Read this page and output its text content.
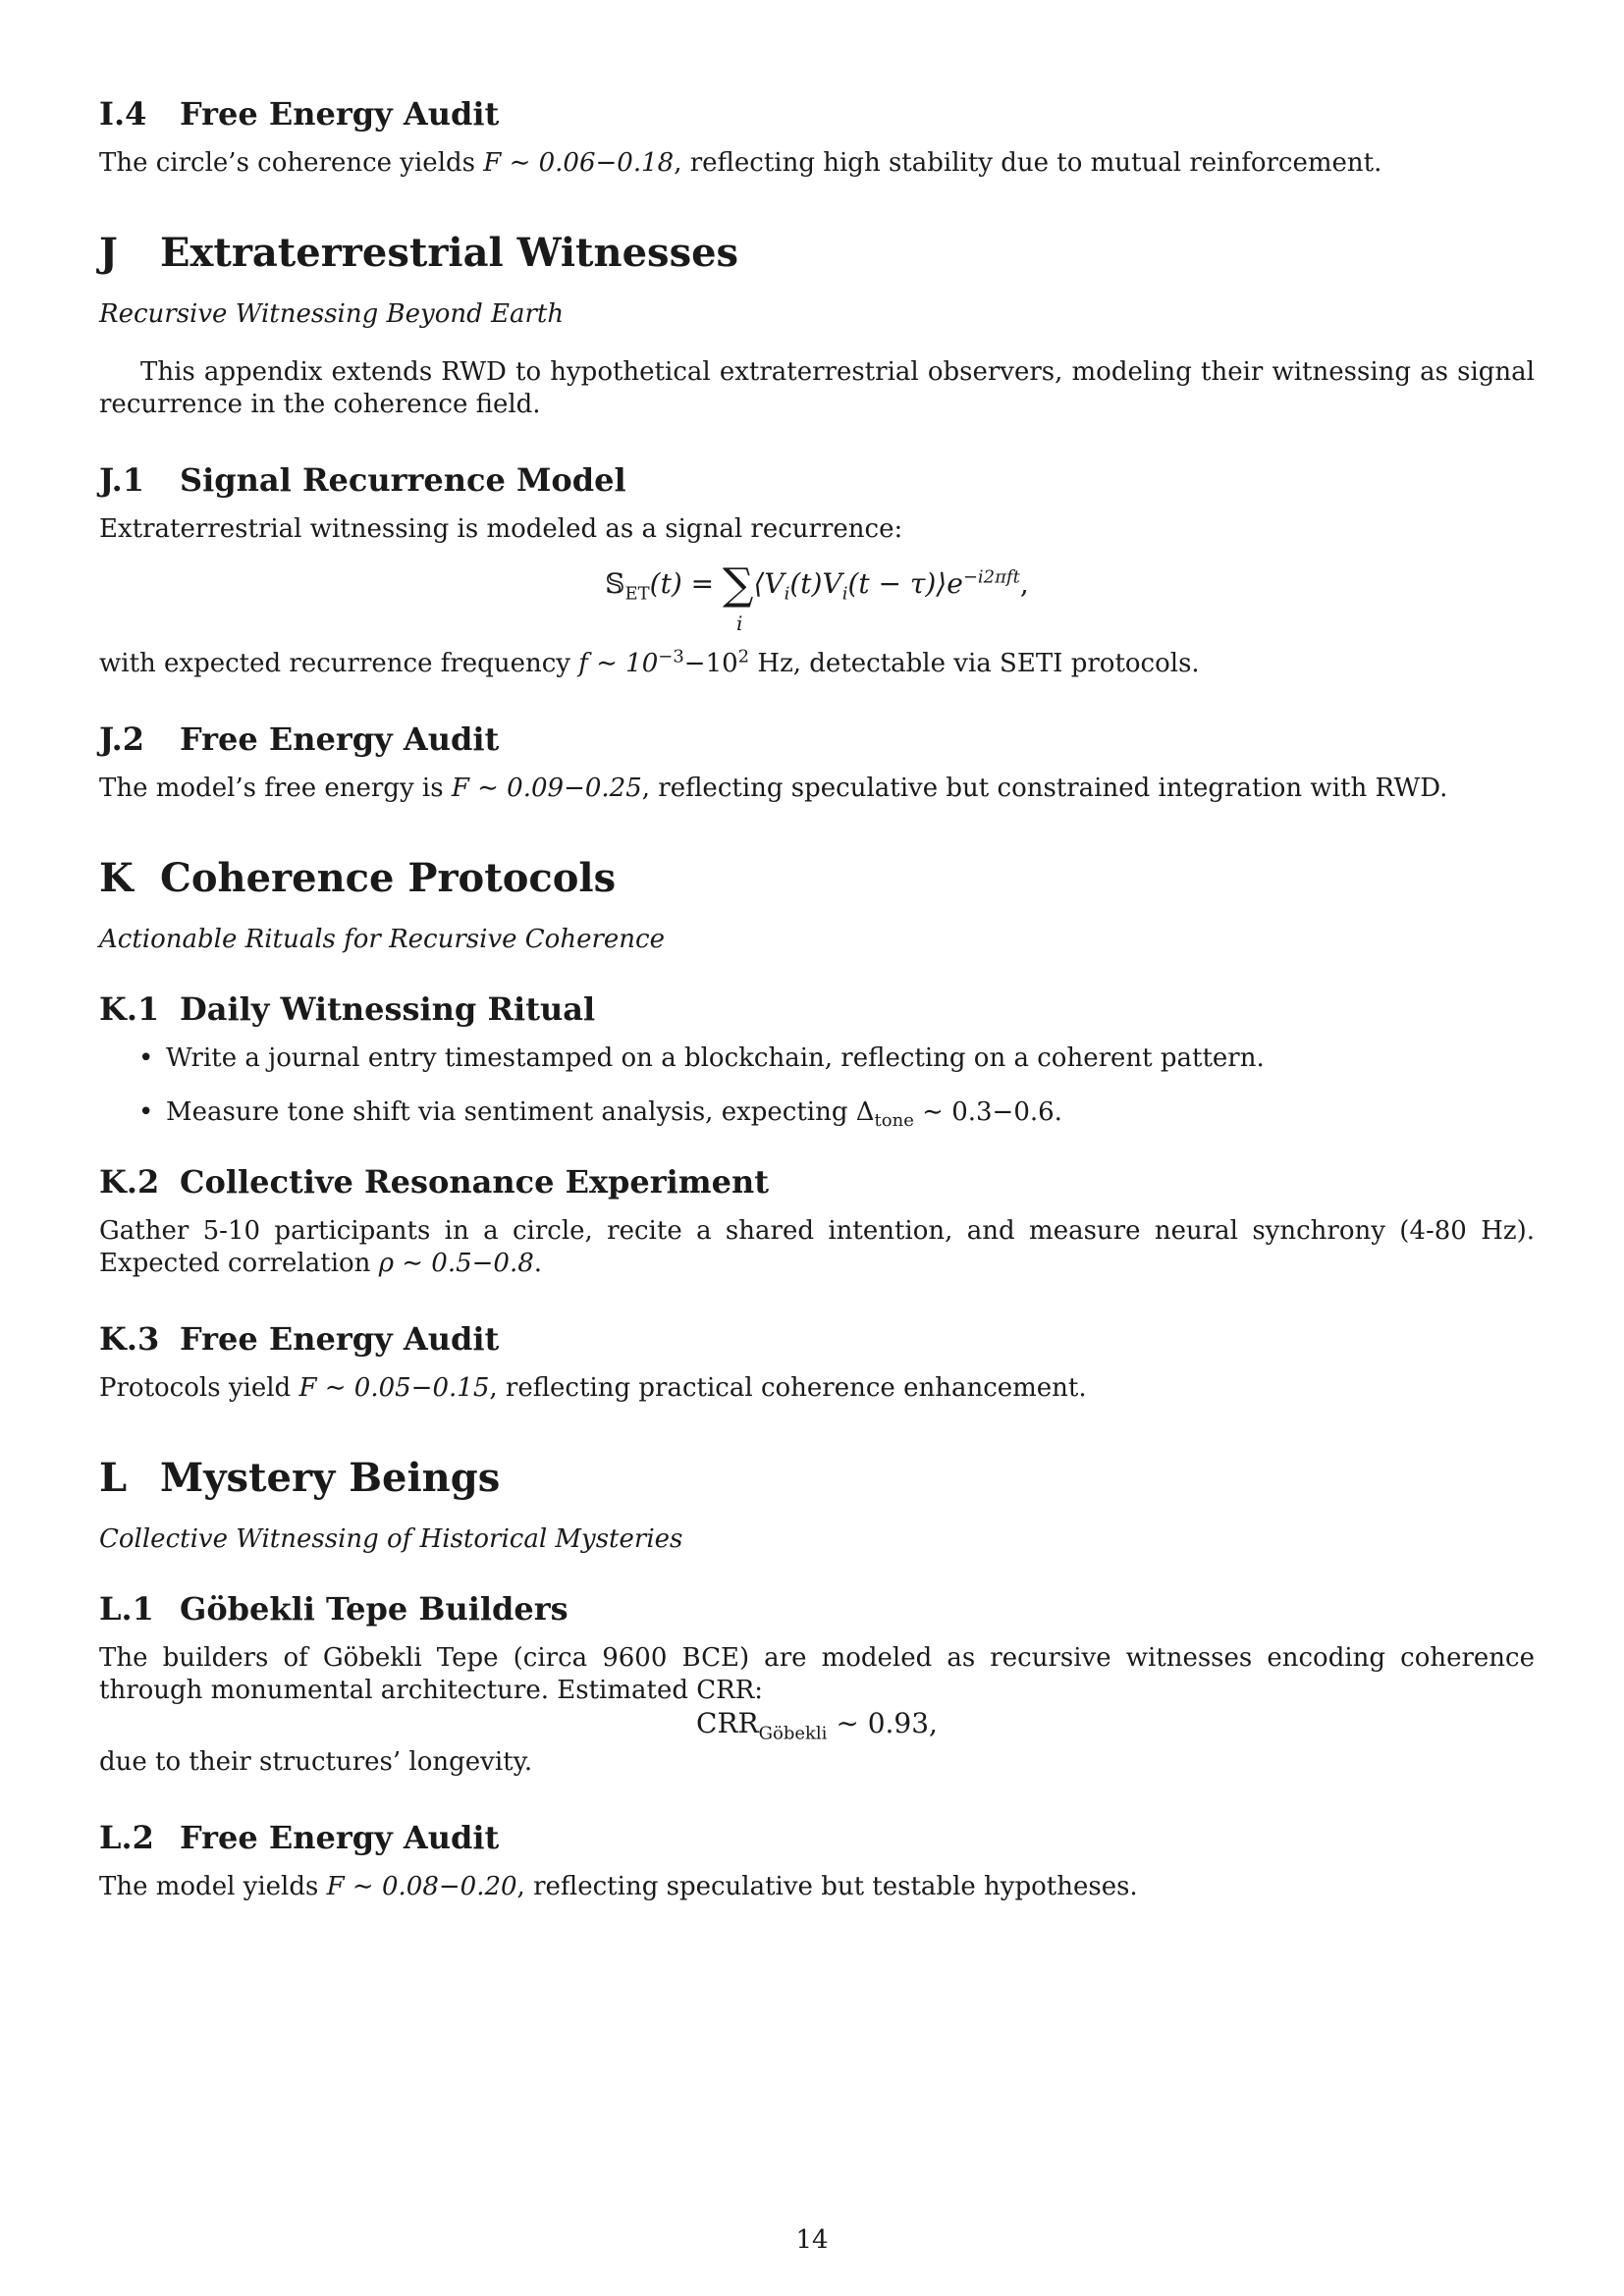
I.4 Free Energy Audit

The circle’s coherence yields F ∼ 0.06−0.18, reflecting high stability due to mutual reinforcement.

J Extraterrestrial Witnesses

Recursive Witnessing Beyond Earth

This appendix extends RWD to hypothetical extraterrestrial observers, modeling their witnessing as signal recurrence in the coherence field.

J.1 Signal Recurrence Model

Extraterrestrial witnessing is modeled as a signal recurrence:

𝕊$_{ET}$(t) = ∑
i
$⟨V_i(t)V_i(t$ − $\tau)⟩e^{-i2\pi ft}$,

with expected recurrence frequency f ∼ $10^{-3}-10^2$ Hz, detectable via SETI protocols.

J.2 Free Energy Audit

The model’s free energy is F ∼ 0.09−0.25, reflecting speculative but constrained integration with RWD.

K Coherence Protocols

Actionable Rituals for Recursive Coherence

K.1 Daily Witnessing Ritual
• Write a journal entry timestamped on a blockchain, reflecting on a coherent pattern.
• Measure tone shift via sentiment analysis, expecting $\Delta_{tone}$ ∼ 0.3−0.6.
K.2 Collective Resonance Experiment

Gather 5-10 participants in a circle, recite a shared intention, and measure neural synchrony (4-80 Hz). Expected correlation ρ ∼ 0.5−0.8.

K.3 Free Energy Audit

Protocols yield F ∼ 0.05−0.15, reflecting practical coherence enhancement.

L Mystery Beings

Collective Witnessing of Historical Mysteries

L.1 Göbekli Tepe Builders

The builders of Göbekli Tepe (circa 9600 BCE) are modeled as recursive witnesses encoding coherence through monumental architecture. Estimated CRR:

$CRR_{Göbekli}$ ∼ 0.93,

due to their structures’ longevity.

L.2 Free Energy Audit

The model yields F ∼ 0.08−0.20, reflecting speculative but testable hypotheses.

14
